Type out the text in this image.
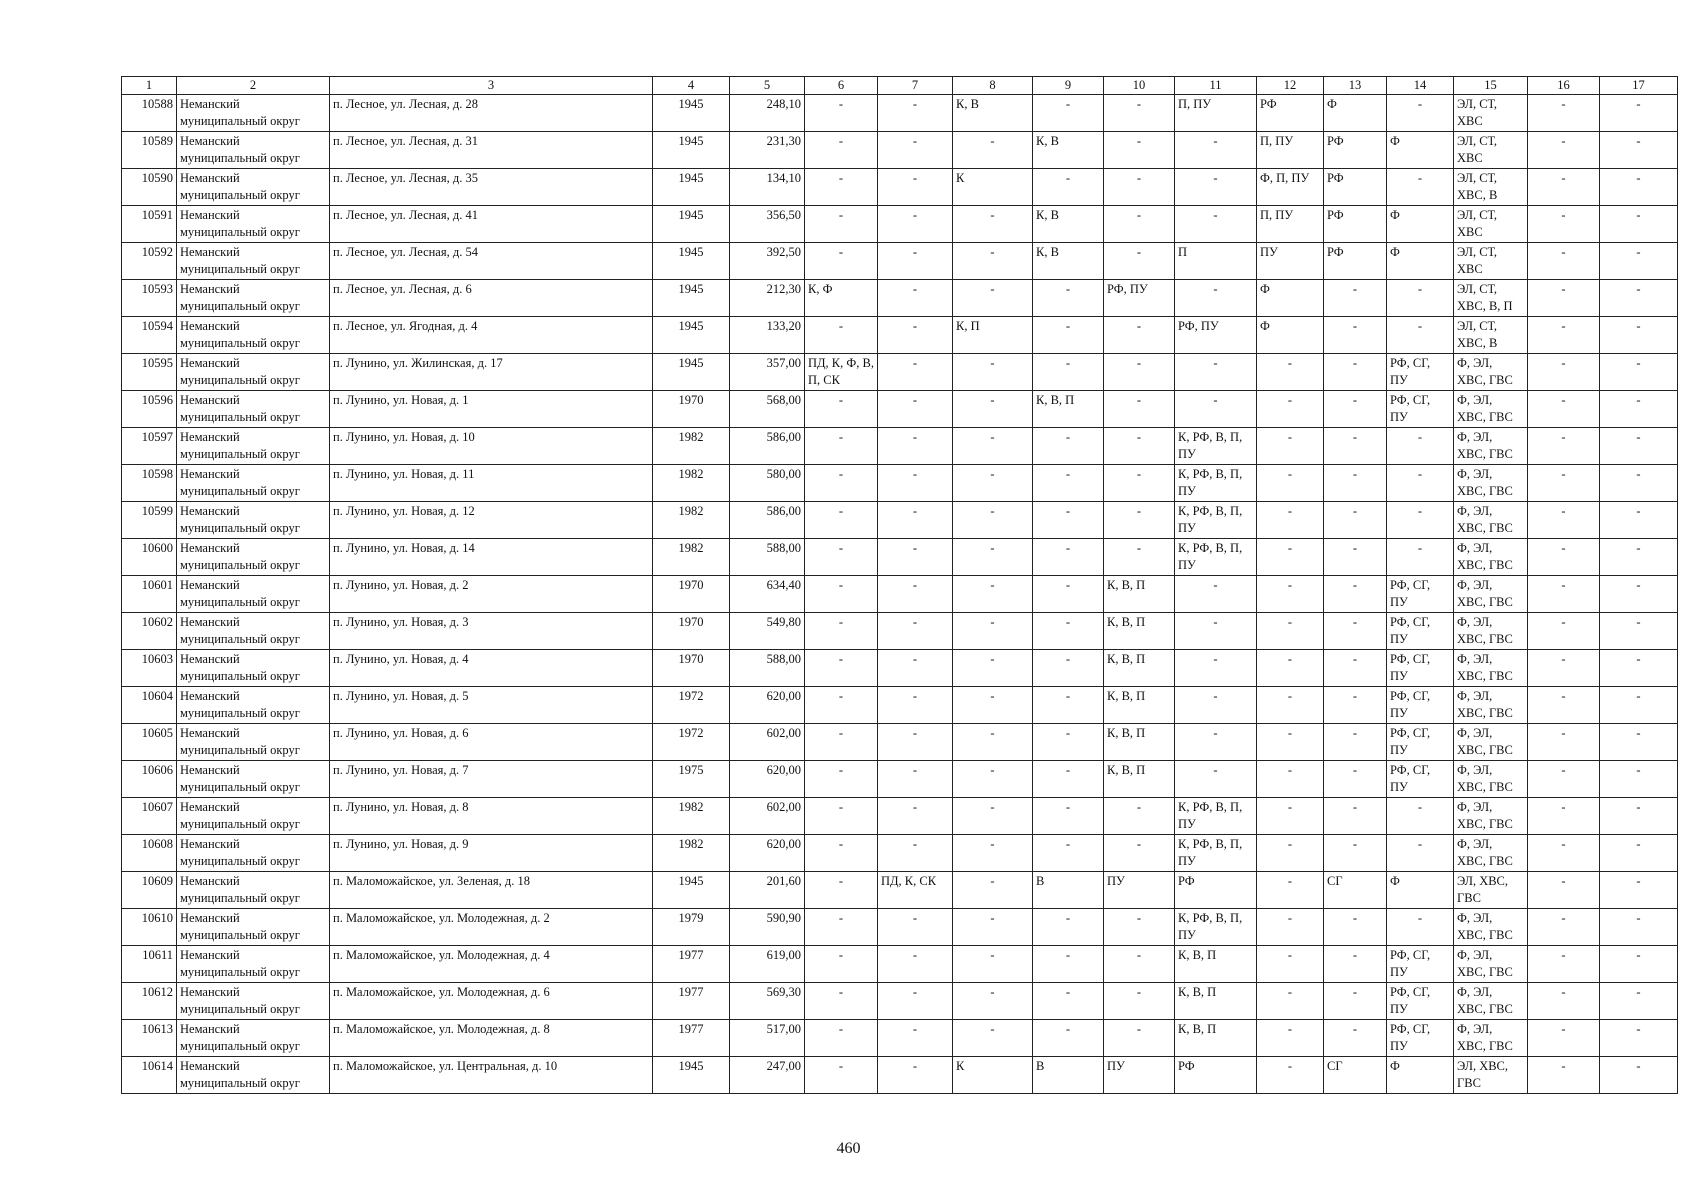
1	2	3	4	5	6	7	8	9	10	11	12	13	14	15	16	17
10588	Неманский муниципальный округ	п. Лесное, ул. Лесная, д. 28	1945	248,10	-	-	К, В	-	-	П, ПУ	РФ	Ф	-	ЭЛ, СТ, ХВС	-	-
10589	Неманский муниципальный округ	п. Лесное, ул. Лесная, д. 31	1945	231,30	-	-	-	К, В	-	-	П, ПУ	РФ	Ф	ЭЛ, СТ, ХВС	-	-
10590	Неманский муниципальный округ	п. Лесное, ул. Лесная, д. 35	1945	134,10	-	-	К	-	-	-	Ф, П, ПУ	РФ	-	ЭЛ, СТ, ХВС, В	-	-
10591	Неманский муниципальный округ	п. Лесное, ул. Лесная, д. 41	1945	356,50	-	-	-	К, В	-	-	П, ПУ	РФ	Ф	ЭЛ, СТ, ХВС	-	-
10592	Неманский муниципальный округ	п. Лесное, ул. Лесная, д. 54	1945	392,50	-	-	-	К, В	-	П	ПУ	РФ	Ф	ЭЛ, СТ, ХВС	-	-
10593	Неманский муниципальный округ	п. Лесное, ул. Лесная, д. 6	1945	212,30	К, Ф	-	-	-	РФ, ПУ	-	Ф	-	-	ЭЛ, СТ, ХВС, В, П	-	-
10594	Неманский муниципальный округ	п. Лесное, ул. Ягодная, д. 4	1945	133,20	-	-	К, П	-	-	РФ, ПУ	Ф	-	-	ЭЛ, СТ, ХВС, В	-	-
10595	Неманский муниципальный округ	п. Лунино, ул. Жилинская, д. 17	1945	357,00	ПД, К, Ф, В, П, СК	-	-	-	-	-	-	-	РФ, СГ, ПУ	Ф, ЭЛ, ХВС, ГВС	-	-
10596	Неманский муниципальный округ	п. Лунино, ул. Новая, д. 1	1970	568,00	-	-	-	К, В, П	-	-	-	-	РФ, СГ, ПУ	Ф, ЭЛ, ХВС, ГВС	-	-
10597	Неманский муниципальный округ	п. Лунино, ул. Новая, д. 10	1982	586,00	-	-	-	-	-	К, РФ, В, П, ПУ	-	-	-	Ф, ЭЛ, ХВС, ГВС	-	-
10598	Неманский муниципальный округ	п. Лунино, ул. Новая, д. 11	1982	580,00	-	-	-	-	-	К, РФ, В, П, ПУ	-	-	-	Ф, ЭЛ, ХВС, ГВС	-	-
10599	Неманский муниципальный округ	п. Лунино, ул. Новая, д. 12	1982	586,00	-	-	-	-	-	К, РФ, В, П, ПУ	-	-	-	Ф, ЭЛ, ХВС, ГВС	-	-
10600	Неманский муниципальный округ	п. Лунино, ул. Новая, д. 14	1982	588,00	-	-	-	-	-	К, РФ, В, П, ПУ	-	-	-	Ф, ЭЛ, ХВС, ГВС	-	-
10601	Неманский муниципальный округ	п. Лунино, ул. Новая, д. 2	1970	634,40	-	-	-	-	К, В, П	-	-	-	РФ, СГ, ПУ	Ф, ЭЛ, ХВС, ГВС	-	-
10602	Неманский муниципальный округ	п. Лунино, ул. Новая, д. 3	1970	549,80	-	-	-	-	К, В, П	-	-	-	РФ, СГ, ПУ	Ф, ЭЛ, ХВС, ГВС	-	-
10603	Неманский муниципальный округ	п. Лунино, ул. Новая, д. 4	1970	588,00	-	-	-	-	К, В, П	-	-	-	РФ, СГ, ПУ	Ф, ЭЛ, ХВС, ГВС	-	-
10604	Неманский муниципальный округ	п. Лунино, ул. Новая, д. 5	1972	620,00	-	-	-	-	К, В, П	-	-	-	РФ, СГ, ПУ	Ф, ЭЛ, ХВС, ГВС	-	-
10605	Неманский муниципальный округ	п. Лунино, ул. Новая, д. 6	1972	602,00	-	-	-	-	К, В, П	-	-	-	РФ, СГ, ПУ	Ф, ЭЛ, ХВС, ГВС	-	-
10606	Неманский муниципальный округ	п. Лунино, ул. Новая, д. 7	1975	620,00	-	-	-	-	К, В, П	-	-	-	РФ, СГ, ПУ	Ф, ЭЛ, ХВС, ГВС	-	-
10607	Неманский муниципальный округ	п. Лунино, ул. Новая, д. 8	1982	602,00	-	-	-	-	-	К, РФ, В, П, ПУ	-	-	-	Ф, ЭЛ, ХВС, ГВС	-	-
10608	Неманский муниципальный округ	п. Лунино, ул. Новая, д. 9	1982	620,00	-	-	-	-	-	К, РФ, В, П, ПУ	-	-	-	Ф, ЭЛ, ХВС, ГВС	-	-
10609	Неманский муниципальный округ	п. Маломожайское, ул. Зеленая, д. 18	1945	201,60	-	ПД, К, СК	-	В	ПУ	РФ	-	СГ	Ф	ЭЛ, ХВС, ГВС	-	-
10610	Неманский муниципальный округ	п. Маломожайское, ул. Молодежная, д. 2	1979	590,90	-	-	-	-	-	К, РФ, В, П, ПУ	-	-	-	Ф, ЭЛ, ХВС, ГВС	-	-
10611	Неманский муниципальный округ	п. Маломожайское, ул. Молодежная, д. 4	1977	619,00	-	-	-	-	-	К, В, П	-	-	РФ, СГ, ПУ	Ф, ЭЛ, ХВС, ГВС	-	-
10612	Неманский муниципальный округ	п. Маломожайское, ул. Молодежная, д. 6	1977	569,30	-	-	-	-	-	К, В, П	-	-	РФ, СГ, ПУ	Ф, ЭЛ, ХВС, ГВС	-	-
10613	Неманский муниципальный округ	п. Маломожайское, ул. Молодежная, д. 8	1977	517,00	-	-	-	-	-	К, В, П	-	-	РФ, СГ, ПУ	Ф, ЭЛ, ХВС, ГВС	-	-
10614	Неманский муниципальный округ	п. Маломожайское, ул. Центральная, д. 10	1945	247,00	-	-	К	В	ПУ	РФ	-	СГ	Ф	ЭЛ, ХВС, ГВС	-	-
460
